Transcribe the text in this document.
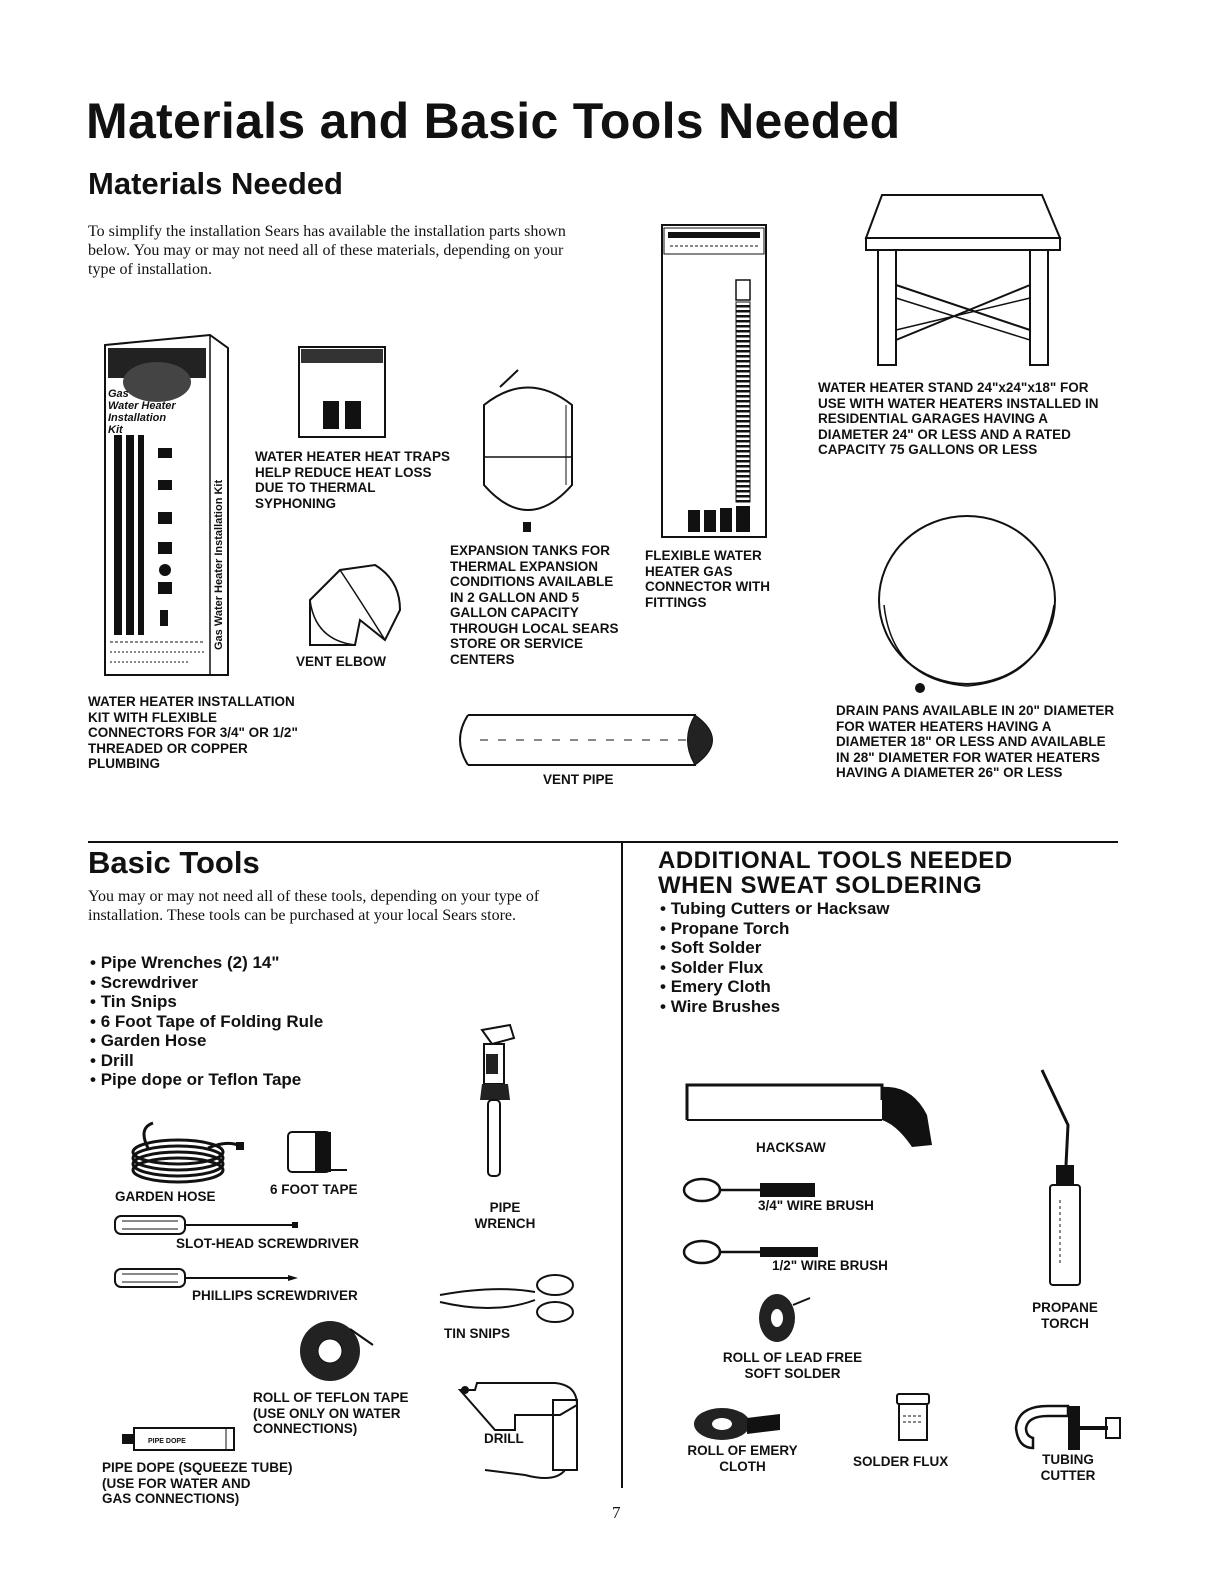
Materials and Basic Tools Needed
Materials Needed

To simplify the installation Sears has available the installation parts shown below. You may or may not need all of these materials, depending on your type of installation.

Gas Water Heater Installation Kit
Gas Water Heater Installation Kit

WATER HEATER INSTALLATION KIT WITH FLEXIBLE CONNECTORS FOR 3/4" OR 1/2" THREADED OR COPPER PLUMBING

WATER HEATER HEAT TRAPS HELP REDUCE HEAT LOSS DUE TO THERMAL SYPHONING

VENT ELBOW

EXPANSION TANKS FOR THERMAL EXPANSION CONDITIONS AVAILABLE IN 2 GALLON AND 5 GALLON CAPACITY THROUGH LOCAL SEARS STORE OR SERVICE CENTERS

FLEXIBLE WATER HEATER GAS CONNECTOR WITH FITTINGS

WATER HEATER STAND 24"x24"x18" FOR USE WITH WATER HEATERS INSTALLED IN RESIDENTIAL GARAGES HAVING A DIAMETER 24" OR LESS AND A RATED CAPACITY 75 GALLONS OR LESS

DRAIN PANS AVAILABLE IN 20" DIAMETER FOR WATER HEATERS HAVING A DIAMETER 18" OR LESS AND AVAILABLE IN 28" DIAMETER FOR WATER HEATERS HAVING A DIAMETER 26" OR LESS

VENT PIPE

Basic Tools

You may or may not need all of these tools, depending on your type of installation. These tools can be purchased at your local Sears store.

• Pipe Wrenches (2) 14"
• Screwdriver
• Tin Snips
• 6 Foot Tape of Folding Rule
• Garden Hose
• Drill
• Pipe dope or Teflon Tape
PIPE DOPE

GARDEN HOSE	6 FOOT TAPE

PIPE
WRENCH

SLOT-HEAD SCREWDRIVER

PHILLIPS SCREWDRIVER

TIN SNIPS

ROLL OF TEFLON TAPE
(USE ONLY ON WATER
CONNECTIONS)

DRILL

PIPE DOPE (SQUEEZE TUBE)
(USE FOR WATER AND
GAS CONNECTIONS)

ADDITIONAL TOOLS NEEDED
WHEN SWEAT SOLDERING
• Tubing Cutters or Hacksaw
• Propane Torch
• Soft Solder
• Solder Flux
• Emery Cloth
• Wire Brushes

HACKSAW

3/4" WIRE BRUSH

1/2" WIRE BRUSH

PROPANE
TORCH

ROLL OF LEAD FREE
SOFT SOLDER

ROLL OF EMERY
CLOTH	SOLDER FLUX	TUBING
CUTTER

7
